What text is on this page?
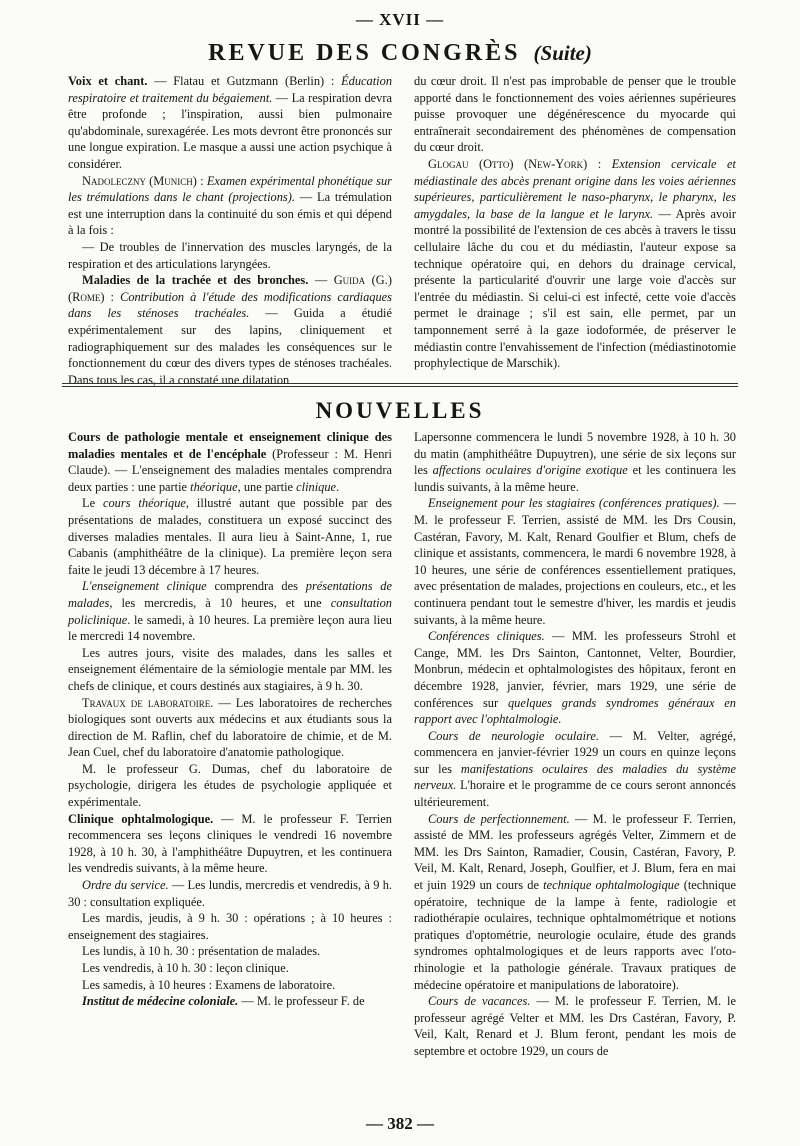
— XVII —
REVUE DES CONGRÈS (Suite)

Voix et chant. — Flatau et Gutzmann (Berlin) : Éducation respiratoire et traitement du bégaiement. — La respiration devra être profonde ; l'inspiration, aussi bien pulmonaire qu'abdominale, surexagérée. Les mots devront être prononcés sur une longue expiration. Le masque a aussi une action psychique à considérer.

Nadoleczny (Munich) : Examen expérimental phonétique sur les trémulations dans le chant (projections). — La trémulation est une interruption dans la continuité du son émis et qui dépend à la fois :

— De troubles de l'innervation des muscles laryngés, de la respiration et des articulations laryngées.

Maladies de la trachée et des bronches. — Guida (G.) (Rome) : Contribution à l'étude des modifications cardiaques dans les sténoses trachéales. — Guida a étudié expérimentalement sur des lapins, cliniquement et radiographiquement sur des malades les conséquences sur le fonctionnement du cœur des divers types de sténoses trachéales. Dans tous les cas, il a constaté une dilatation

du cœur droit. Il n'est pas improbable de penser que le trouble apporté dans le fonctionnement des voies aériennes supérieures puisse provoquer une dégénérescence du myocarde qui entraînerait secondairement des phénomènes de compensation du cœur droit.

Glogau (Otto) (New-York) : Extension cervicale et médiastinale des abcès prenant origine dans les voies aériennes supérieures, particulièrement le naso-pharynx, le pharynx, les amygdales, la base de la langue et le larynx. — Après avoir montré la possibilité de l'extension de ces abcès à travers le tissu cellulaire lâche du cou et du médiastin, l'auteur expose sa technique opératoire qui, en dehors du drainage cervical, présente la particularité d'ouvrir une large voie d'accès sur l'entrée du médiastin. Si celui-ci est infecté, cette voie d'accès permet le drainage ; s'il est sain, elle permet, par un tamponnement serré à la gaze iodoformée, de préserver le médiastin contre l'envahissement de l'infection (médiastinotomie prophylectique de Marschik).

NOUVELLES

Cours de pathologie mentale et enseignement clinique des maladies mentales et de l'encéphale (Professeur : M. Henri Claude). — L'enseignement des maladies mentales comprendra deux parties : une partie théorique, une partie clinique.

Le cours théorique, illustré autant que possible par des présentations de malades, constituera un exposé succinct des diverses maladies mentales. Il aura lieu à Saint-Anne, 1, rue Cabanis (amphithéâtre de la clinique). La première leçon sera faite le jeudi 13 décembre à 17 heures.

L'enseignement clinique comprendra des présentations de malades, les mercredis, à 10 heures, et une consultation policlinique. le samedi, à 10 heures. La première leçon aura lieu le mercredi 14 novembre.

Les autres jours, visite des malades, dans les salles et enseignement élémentaire de la sémiologie mentale par MM. les chefs de clinique, et cours destinés aux stagiaires, à 9 h. 30.

Travaux de laboratoire. — Les laboratoires de recherches biologiques sont ouverts aux médecins et aux étudiants sous la direction de M. Raflin, chef du laboratoire de chimie, et de M. Jean Cuel, chef du laboratoire d'anatomie pathologique.

M. le professeur G. Dumas, chef du laboratoire de psychologie, dirigera les études de psychologie appliquée et expérimentale.

Clinique ophtalmologique. — M. le professeur F. Terrien recommencera ses leçons cliniques le vendredi 16 novembre 1928, à 10 h. 30, à l'amphithéâtre Dupuytren, et les continuera les vendredis suivants, à la même heure.

Ordre du service. — Les lundis, mercredis et vendredis, à 9 h. 30 : consultation expliquée.

Les mardis, jeudis, à 9 h. 30 : opérations ; à 10 heures : enseignement des stagiaires.

Les lundis, à 10 h. 30 : présentation de malades.

Les vendredis, à 10 h. 30 : leçon clinique.

Les samedis, à 10 heures : Examens de laboratoire.

Institut de médecine coloniale. — M. le professeur F. de

Lapersonne commencera le lundi 5 novembre 1928, à 10 h. 30 du matin (amphithéâtre Dupuytren), une série de six leçons sur les affections oculaires d'origine exotique et les continuera les lundis suivants, à la même heure.

Enseignement pour les stagiaires (conférences pratiques). — M. le professeur F. Terrien, assisté de MM. les Drs Cousin, Castéran, Favory, M. Kalt, Renard Goulfier et Blum, chefs de clinique et assistants, commencera, le mardi 6 novembre 1928, à 10 heures, une série de conférences essentiellement pratiques, avec présentation de malades, projections en couleurs, etc., et les continuera pendant tout le semestre d'hiver, les mardis et jeudis suivants, à la même heure.

Conférences cliniques. — MM. les professeurs Strohl et Cange, MM. les Drs Sainton, Cantonnet, Velter, Bourdier, Monbrun, médecin et ophtalmologistes des hôpitaux, feront en décembre 1928, janvier, février, mars 1929, une série de conférences sur quelques grands syndromes généraux en rapport avec l'ophtalmologie.

Cours de neurologie oculaire. — M. Velter, agrégé, commencera en janvier-février 1929 un cours en quinze leçons sur les manifestations oculaires des maladies du système nerveux. L'horaire et le programme de ce cours seront annoncés ultérieurement.

Cours de perfectionnement. — M. le professeur F. Terrien, assisté de MM. les professeurs agrégés Velter, Zimmern et de MM. les Drs Sainton, Ramadier, Cousin, Castéran, Favory, P. Veil, M. Kalt, Renard, Joseph, Goulfier, et J. Blum, fera en mai et juin 1929 un cours de technique ophtalmologique (technique opératoire, technique de la lampe à fente, radiologie et radiothérapie oculaires, technique ophtalmométrique et notions pratiques d'optométrie, neurologie oculaire, étude des grands syndromes ophtalmologiques et de leurs rapports avec l'oto-rhinologie et la pathologie générale. Travaux pratiques de médecine opératoire et manipulations de laboratoire).

Cours de vacances. — M. le professeur F. Terrien, M. le professeur agrégé Velter et MM. les Drs Castéran, Favory, P. Veil, Kalt, Renard et J. Blum feront, pendant les mois de septembre et octobre 1929, un cours de

— 382 —
